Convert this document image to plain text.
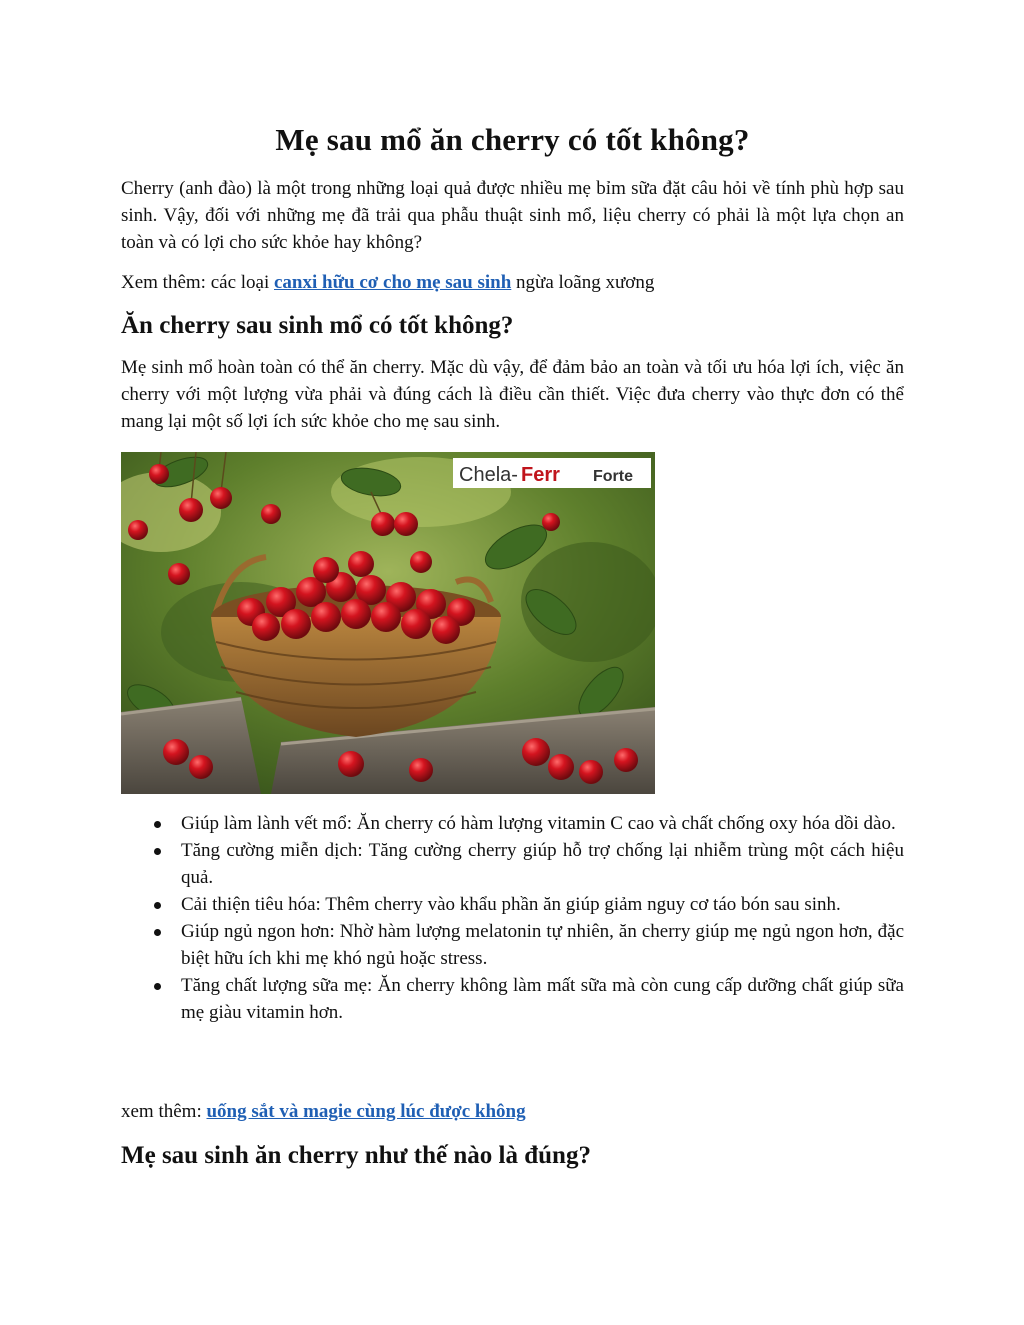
Mẹ sau mổ ăn cherry có tốt không?

Cherry (anh đào) là một trong những loại quả được nhiều mẹ bỉm sữa đặt câu hỏi về tính phù hợp sau sinh. Vậy, đối với những mẹ đã trải qua phẫu thuật sinh mổ, liệu cherry có phải là một lựa chọn an toàn và có lợi cho sức khỏe hay không?

Xem thêm: các loại canxi hữu cơ cho mẹ sau sinh ngừa loãng xương

Ăn cherry sau sinh mổ có tốt không?

Mẹ sinh mổ hoàn toàn có thể ăn cherry. Mặc dù vậy, để đảm bảo an toàn và tối ưu hóa lợi ích, việc ăn cherry với một lượng vừa phải và đúng cách là điều cần thiết. Việc đưa cherry vào thực đơn có thể mang lại một số lợi ích sức khỏe cho mẹ sau sinh.

Chela- Ferr Forte
Giúp làm lành vết mổ: Ăn cherry có hàm lượng vitamin C cao và chất chống oxy hóa dồi dào.
Tăng cường miễn dịch: Tăng cường cherry giúp hỗ trợ chống lại nhiễm trùng một cách hiệu quả.
Cải thiện tiêu hóa: Thêm cherry vào khẩu phần ăn giúp giảm nguy cơ táo bón sau sinh.
Giúp ngủ ngon hơn: Nhờ hàm lượng melatonin tự nhiên, ăn cherry giúp mẹ ngủ ngon hơn, đặc biệt hữu ích khi mẹ khó ngủ hoặc stress.
Tăng chất lượng sữa mẹ: Ăn cherry không làm mất sữa mà còn cung cấp dưỡng chất giúp sữa mẹ giàu vitamin hơn.

xem thêm: uống sắt và magie cùng lúc được không

Mẹ sau sinh ăn cherry như thế nào là đúng?
